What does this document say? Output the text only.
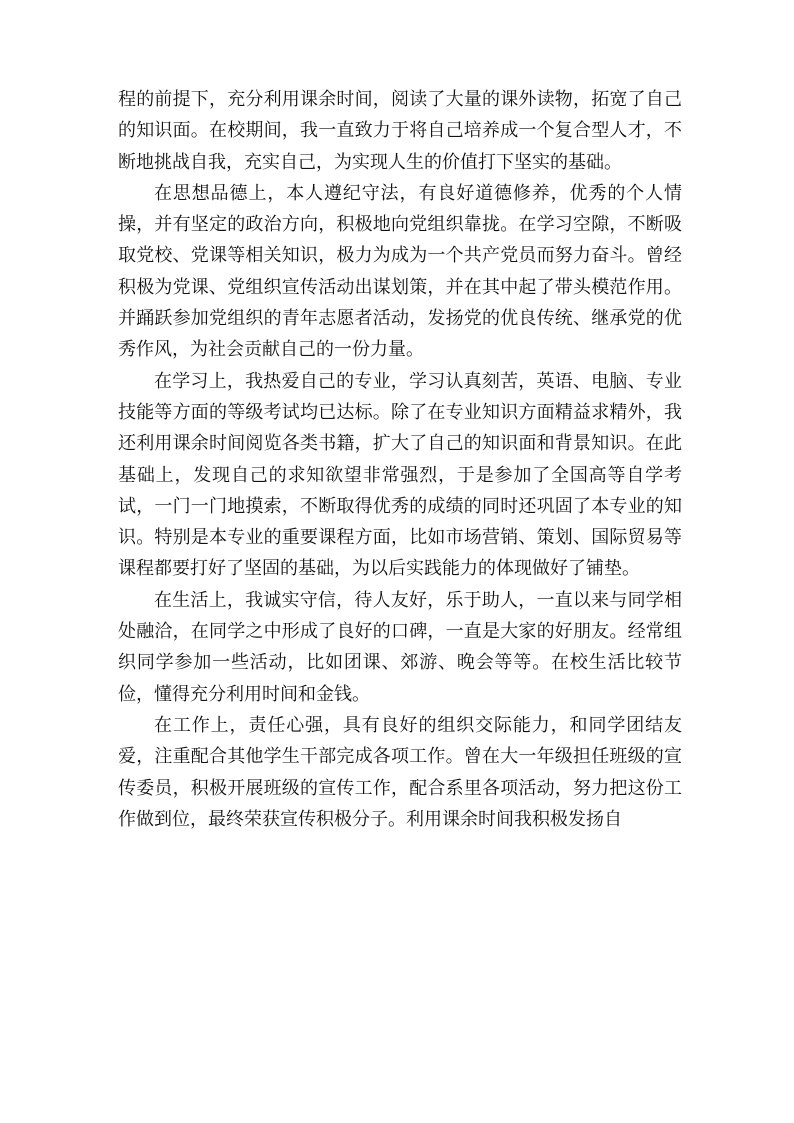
程的前提下，充分利用课余时间，阅读了大量的课外读物，拓宽了自己的知识面。在校期间，我一直致力于将自己培养成一个复合型人才，不断地挑战自我，充实自己，为实现人生的价值打下坚实的基础。

在思想品德上，本人遵纪守法，有良好道德修养，优秀的个人情操，并有坚定的政治方向，积极地向党组织靠拢。在学习空隙，不断吸取党校、党课等相关知识，极力为成为一个共产党员而努力奋斗。曾经积极为党课、党组织宣传活动出谋划策，并在其中起了带头模范作用。并踊跃参加党组织的青年志愿者活动，发扬党的优良传统、继承党的优秀作风，为社会贡献自己的一份力量。

在学习上，我热爱自己的专业，学习认真刻苦，英语、电脑、专业技能等方面的等级考试均已达标。除了在专业知识方面精益求精外，我还利用课余时间阅览各类书籍，扩大了自己的知识面和背景知识。在此基础上，发现自己的求知欲望非常强烈，于是参加了全国高等自学考试，一门一门地摸索，不断取得优秀的成绩的同时还巩固了本专业的知识。特别是本专业的重要课程方面，比如市场营销、策划、国际贸易等课程都要打好了坚固的基础，为以后实践能力的体现做好了铺垫。

在生活上，我诚实守信，待人友好，乐于助人，一直以来与同学相处融洽，在同学之中形成了良好的口碑，一直是大家的好朋友。经常组织同学参加一些活动，比如团课、郊游、晚会等等。在校生活比较节俭，懂得充分利用时间和金钱。

在工作上，责任心强，具有良好的组织交际能力，和同学团结友爱，注重配合其他学生干部完成各项工作。曾在大一年级担任班级的宣传委员，积极开展班级的宣传工作，配合系里各项活动，努力把这份工作做到位，最终荣获宣传积极分子。利用课余时间我积极发扬自
